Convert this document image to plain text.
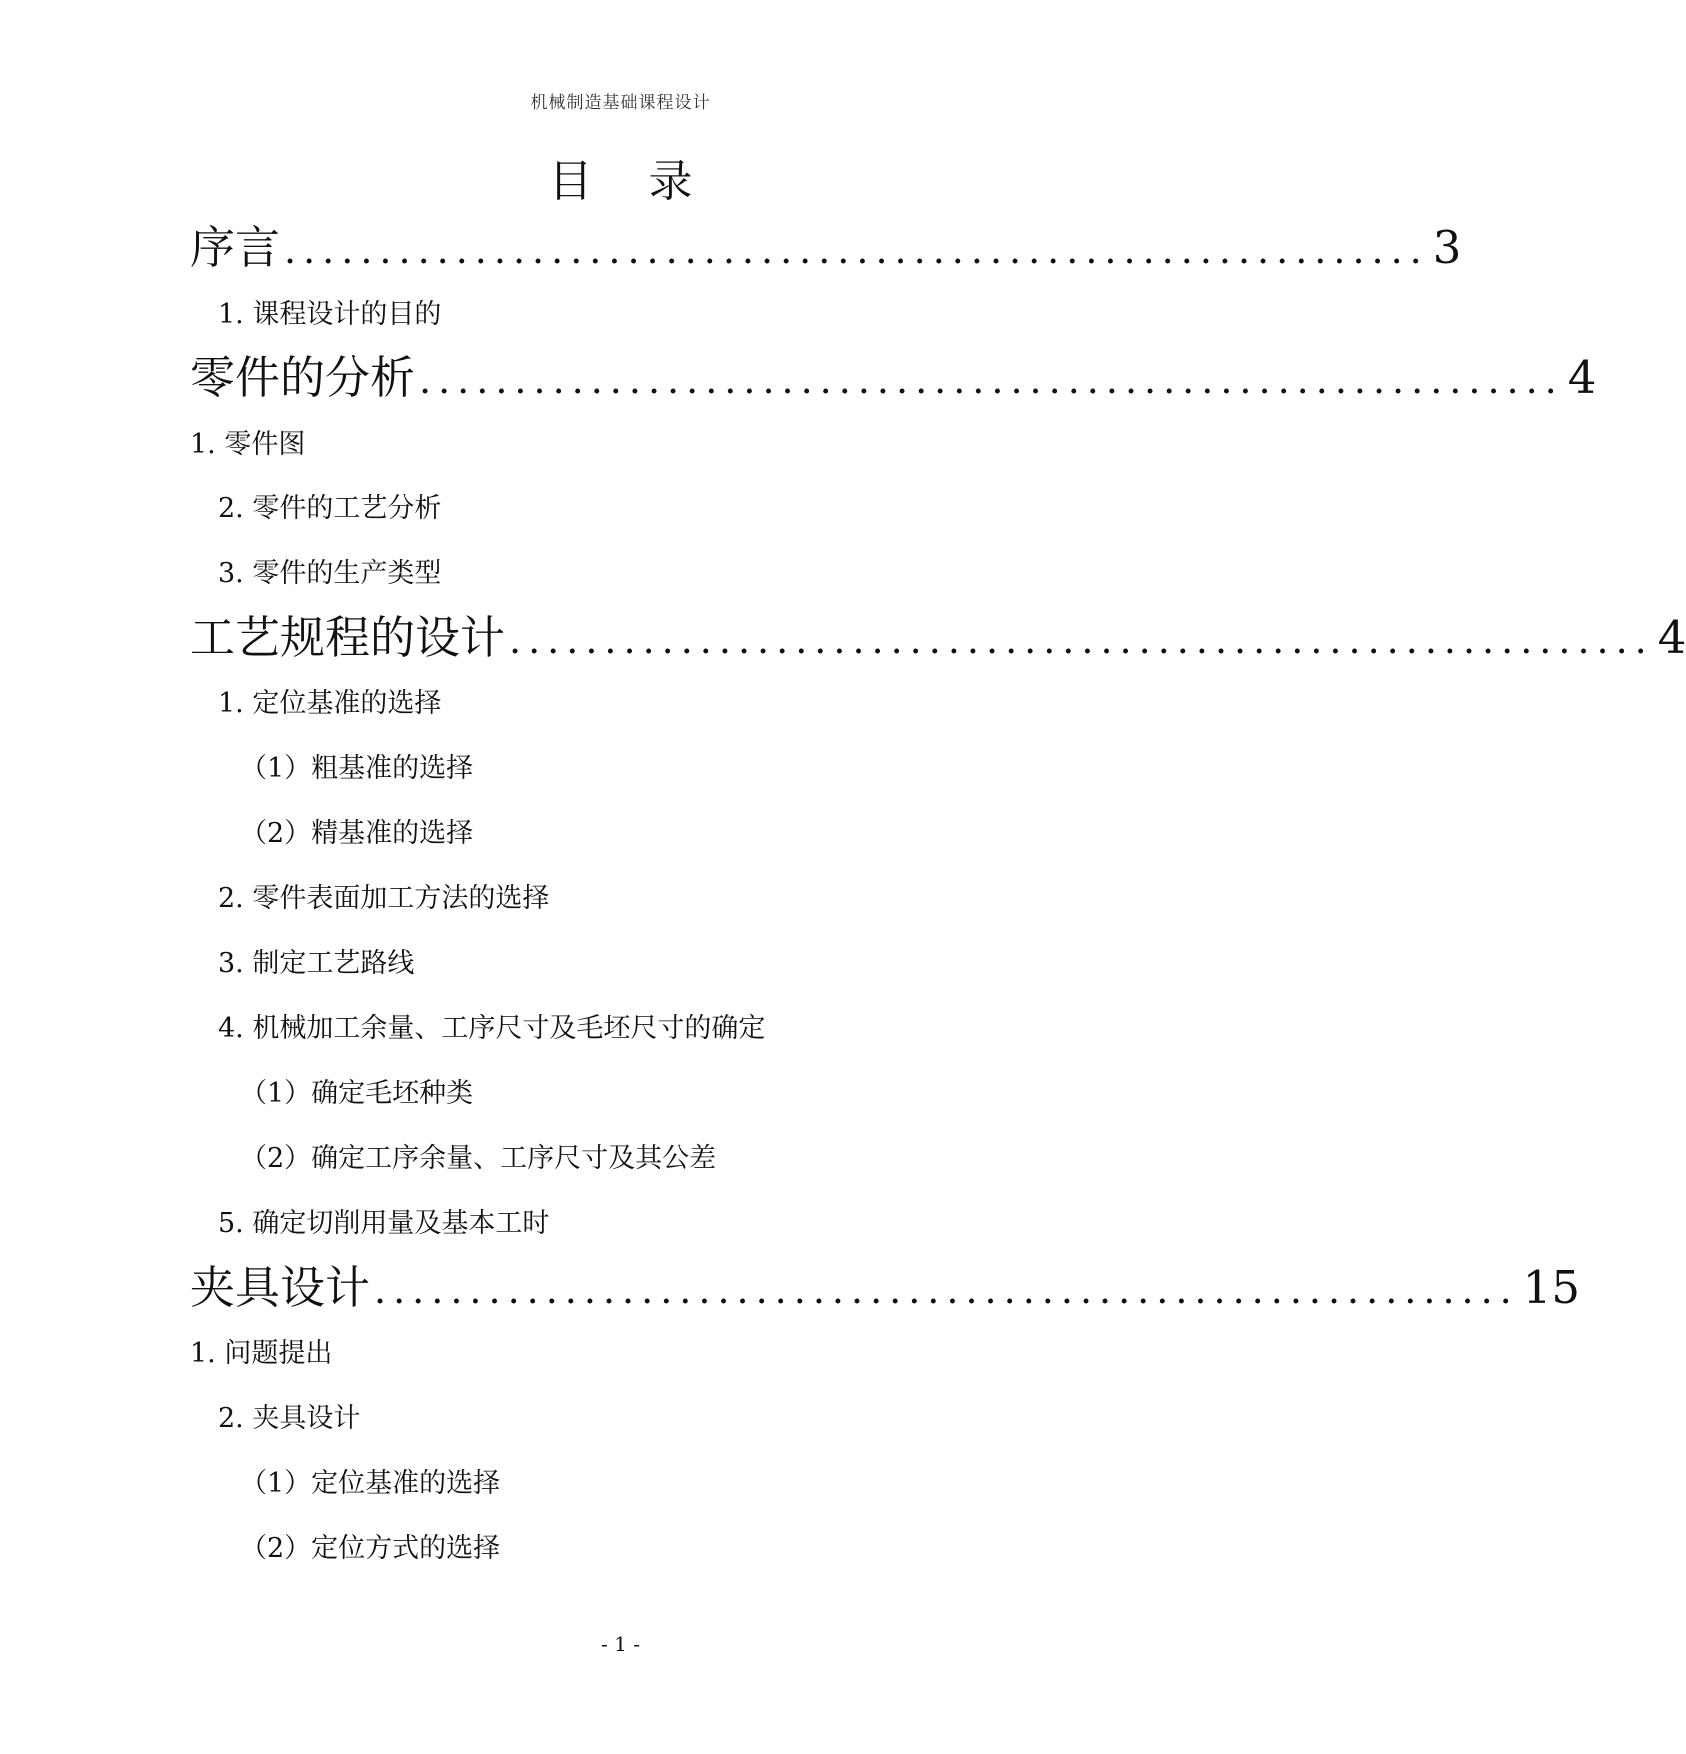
机械制造基础课程设计
目录
序言 ............................................................ 3
1. 课程设计的目的
零件的分析 ............................................................ 4
1. 零件图
2. 零件的工艺分析
3. 零件的生产类型
工艺规程的设计 ............................................................ 4
1. 定位基准的选择
（1）粗基准的选择
（2）精基准的选择
2. 零件表面加工方法的选择
3. 制定工艺路线
4. 机械加工余量、工序尺寸及毛坯尺寸的确定
（1）确定毛坯种类
（2）确定工序余量、工序尺寸及其公差
5. 确定切削用量及基本工时
夹具设计 ............................................................ 15
1. 问题提出
2. 夹具设计
（1）定位基准的选择
（2）定位方式的选择
- 1 -
